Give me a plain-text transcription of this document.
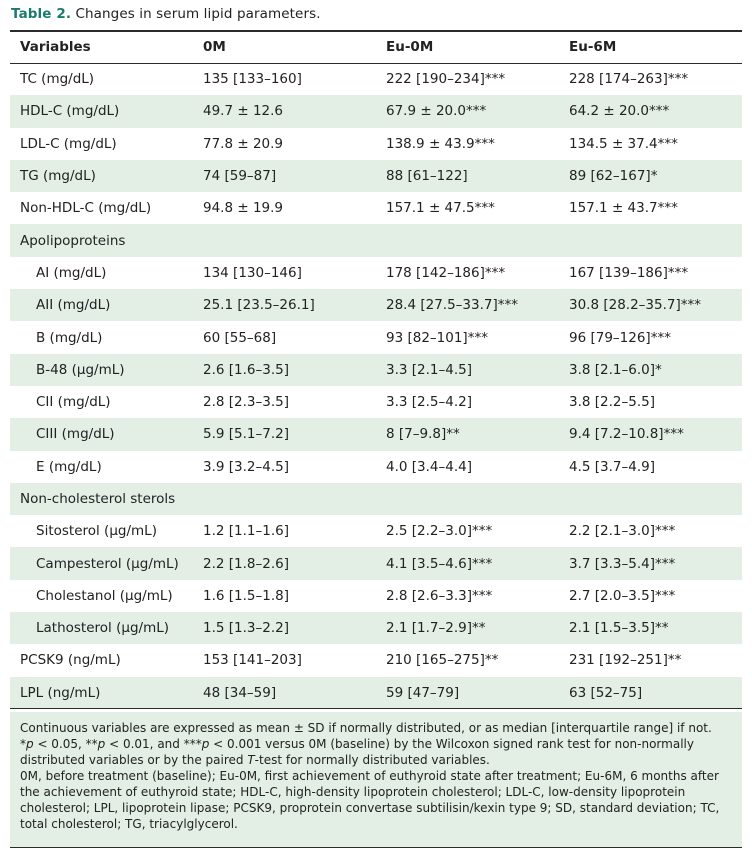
Table 2. Changes in serum lipid parameters.
Variables	0M	Eu-0M	Eu-6M
TC (mg/dL)	135 [133–160]	222 [190–234]***	228 [174–263]***
HDL-C (mg/dL)	49.7 ± 12.6	67.9 ± 20.0***	64.2 ± 20.0***
LDL-C (mg/dL)	77.8 ± 20.9	138.9 ± 43.9***	134.5 ± 37.4***
TG (mg/dL)	74 [59–87]	88 [61–122]	89 [62–167]*
Non-HDL-C (mg/dL)	94.8 ± 19.9	157.1 ± 47.5***	157.1 ± 43.7***
Apolipoproteins			
AI (mg/dL)	134 [130–146]	178 [142–186]***	167 [139–186]***
AII (mg/dL)	25.1 [23.5–26.1]	28.4 [27.5–33.7]***	30.8 [28.2–35.7]***
B (mg/dL)	60 [55–68]	93 [82–101]***	96 [79–126]***
B-48 (μg/mL)	2.6 [1.6–3.5]	3.3 [2.1–4.5]	3.8 [2.1–6.0]*
CII (mg/dL)	2.8 [2.3–3.5]	3.3 [2.5–4.2]	3.8 [2.2–5.5]
CIII (mg/dL)	5.9 [5.1–7.2]	8 [7–9.8]**	9.4 [7.2–10.8]***
E (mg/dL)	3.9 [3.2–4.5]	4.0 [3.4–4.4]	4.5 [3.7–4.9]
Non-cholesterol sterols			
Sitosterol (μg/mL)	1.2 [1.1–1.6]	2.5 [2.2–3.0]***	2.2 [2.1–3.0]***
Campesterol (μg/mL)	2.2 [1.8–2.6]	4.1 [3.5–4.6]***	3.7 [3.3–5.4]***
Cholestanol (μg/mL)	1.6 [1.5–1.8]	2.8 [2.6–3.3]***	2.7 [2.0–3.5]***
Lathosterol (μg/mL)	1.5 [1.3–2.2]	2.1 [1.7–2.9]**	2.1 [1.5–3.5]**
PCSK9 (ng/mL)	153 [141–203]	210 [165–275]**	231 [192–251]**
LPL (ng/mL)	48 [34–59]	59 [47–79]	63 [52–75]

Continuous variables are expressed as mean ± SD if normally distributed, or as median [interquartile range] if not.

*p < 0.05, **p < 0.01, and ***p < 0.001 versus 0M (baseline) by the Wilcoxon signed rank test for non-normally distributed variables or by the paired T-test for normally distributed variables.

0M, before treatment (baseline); Eu-0M, first achievement of euthyroid state after treatment; Eu-6M, 6 months after the achievement of euthyroid state; HDL-C, high-density lipoprotein cholesterol; LDL-C, low-density lipoprotein cholesterol; LPL, lipoprotein lipase; PCSK9, proprotein convertase subtilisin/kexin type 9; SD, standard deviation; TC, total cholesterol; TG, triacylglycerol.
